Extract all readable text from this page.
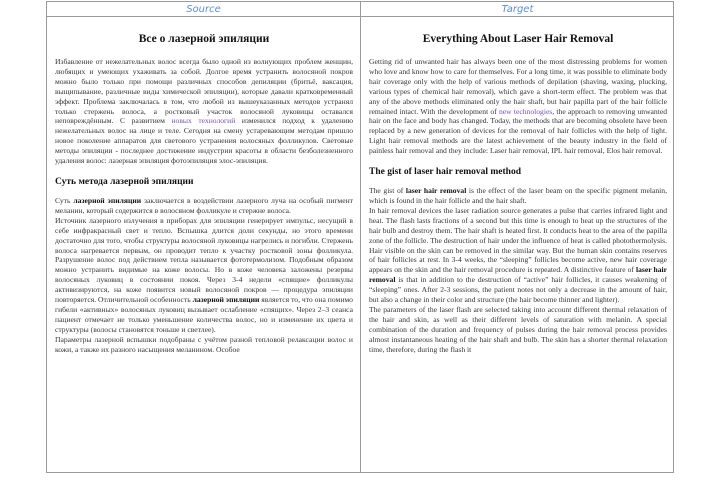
Source	Target
Все о лазерной эпиляции

Избавление от нежелательных волос всегда было одной из волнующих проблем женщин, любящих и умеющих ухаживать за собой. Долгое время устранить волосяной покров можно было только при помощи различных способов депиляции (бритьё, ваксация, выщипывание, различные виды химической эпиляции), которые давали кратковременный эффект. Проблема заключалась в том, что любой из вышеуказанных методов устранял только стержень волоса, а ростковый участок волосяной луковицы оставался неповреждённым. С развитием новых технологий изменился подход к удалению нежелательных волос на лице и теле. Сегодня на смену устаревающим методам пришло новое поколение аппаратов для светового устранения волосяных фолликулов. Световые методы эпиляции - последнее достижение индустрии красоты в области безболезненного удаления волос: лазерная эпиляция фотоэпиляция элос-эпиляция.

Суть метода лазерной эпиляции

Суть лазерной эпиляции заключается в воздействии лазерного луча на особый пигмент меланин, который содержится в волосяном фолликуле и стержне волоса.

Источник лазерного излучения в приборах для эпиляции генерирует импульс, несущий в себе инфракрасный свет и тепло. Вспышка длится доли секунды, но этого времени достаточно для того, чтобы структуры волосяной луковицы нагрелись и погибли. Стержень волоса нагревается первым, он проводит тепло к участку ростковой зоны фолликула. Разрушение волос под действием тепла называется фототермолизом. Подобным образом можно устранить видимые на коже волосы. Но в коже человека заложены резервы волосяных луковиц в состоянии покоя. Через 3-4 недели «спящие» фолликулы активизируются, на коже появится новый волосяной покров — процедура эпиляции повторяется. Отличительной особенность лазерной эпиляции является то, что она помимо гибели «активных» волосяных луковиц вызывает ослабление «спящих». Через 2–3 сеанса пациент отмечает не только уменьшение количества волос, но и изменение их цвета и структуры (волосы становятся тоньше и светлее).

Параметры лазерной вспышки подобраны с учётом разной тепловой релаксации волос и кожи, а также их разного насыщения меланином. Особое

Everything About Laser Hair Removal

Getting rid of unwanted hair has always been one of the most distressing problems for women who love and know how to care for themselves. For a long time, it was possible to eliminate body hair coverage only with the help of various methods of depilation (shaving, waxing, plucking, various types of chemical hair removal), which gave a short-term effect. The problem was that any of the above methods eliminated only the hair shaft, but hair papilla part of the hair follicle remained intact. With the development of new technologies, the approach to removing unwanted hair on the face and body has changed. Today, the methods that are becoming obsolete have been replaced by a new generation of devices for the removal of hair follicles with the help of light. Light hair removal methods are the latest achievement of the beauty industry in the field of painless hair removal and they include: Laser hair removal, IPL hair removal, Elos hair removal.

The gist of laser hair removal method

The gist of laser hair removal is the effect of the laser beam on the specific pigment melanin, which is found in the hair follicle and the hair shaft.

In hair removal devices the laser radiation source generates a pulse that carries infrared light and heat. The flash lasts fractions of a second but this time is enough to heat up the structures of the hair bulb and destroy them. The hair shaft is heated first. It conducts heat to the area of the papilla zone of the follicle. The destruction of hair under the influence of heat is called photothermolysis. Hair visible on the skin can be removed in the similar way. But the human skin contains reserves of hair follicles at rest. In 3-4 weeks, the “sleeping” follicles become active, new hair coverage appears on the skin and the hair removal procedure is repeated. A distinctive feature of laser hair removal is that in addition to the destruction of “active” hair follicles, it causes weakening of “sleeping” ones. After 2-3 sessions, the patient notes not only a decrease in the amount of hair, but also a change in their color and structure (the hair become thinner and lighter).

The parameters of the laser flash are selected taking into account different thermal relaxation of the hair and skin, as well as their different levels of saturation with melanin. A special combination of the duration and frequency of pulses during the hair removal process provides almost instantaneous heating of the hair shaft and bulb. The skin has a shorter thermal relaxation time, therefore, during the flash it
